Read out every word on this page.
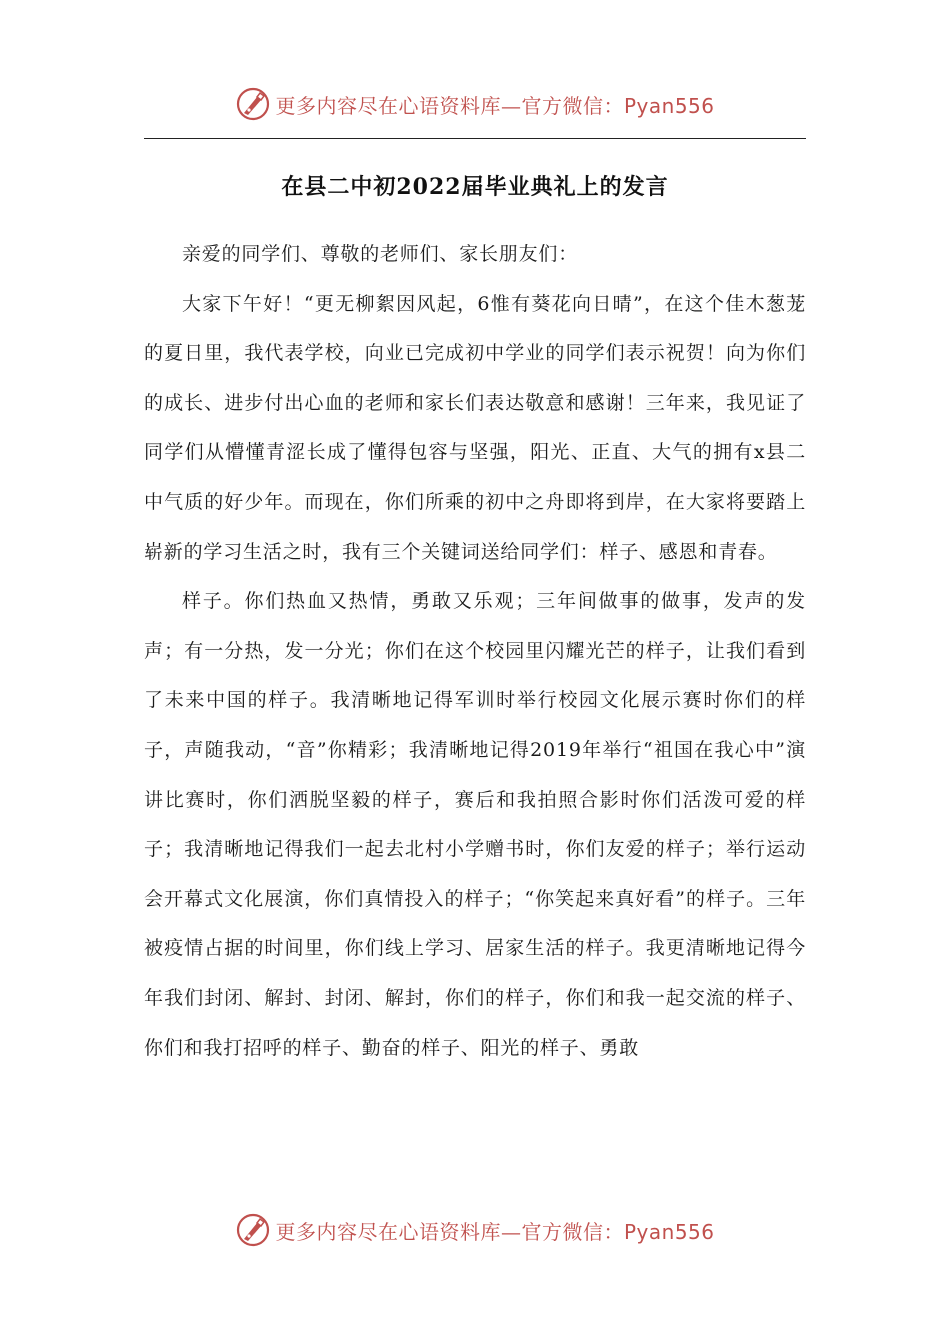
更多内容尽在心语资料库—官方微信：Pyan556
在县二中初2022届毕业典礼上的发言

亲爱的同学们、尊敬的老师们、家长朋友们：

大家下午好！“更无柳絮因风起，6惟有葵花向日晴”，在这个佳木葱茏的夏日里，我代表学校，向业已完成初中学业的同学们表示祝贺！向为你们的成长、进步付出心血的老师和家长们表达敬意和感谢！三年来，我见证了同学们从懵懂青涩长成了懂得包容与坚强，阳光、正直、大气的拥有x县二中气质的好少年。而现在，你们所乘的初中之舟即将到岸，在大家将要踏上崭新的学习生活之时，我有三个关键词送给同学们：样子、感恩和青春。

样子。你们热血又热情，勇敢又乐观；三年间做事的做事，发声的发声；有一分热，发一分光；你们在这个校园里闪耀光芒的样子，让我们看到了未来中国的样子。我清晰地记得军训时举行校园文化展示赛时你们的样子，声随我动，“音”你精彩；我清晰地记得2019年举行“祖国在我心中”演讲比赛时，你们洒脱坚毅的样子，赛后和我拍照合影时你们活泼可爱的样子；我清晰地记得我们一起去北村小学赠书时，你们友爱的样子；举行运动会开幕式文化展演，你们真情投入的样子；“你笑起来真好看”的样子。三年被疫情占据的时间里，你们线上学习、居家生活的样子。我更清晰地记得今年我们封闭、解封、封闭、解封，你们的样子，你们和我一起交流的样子、你们和我打招呼的样子、勤奋的样子、阳光的样子、勇敢

更多内容尽在心语资料库—官方微信：Pyan556
